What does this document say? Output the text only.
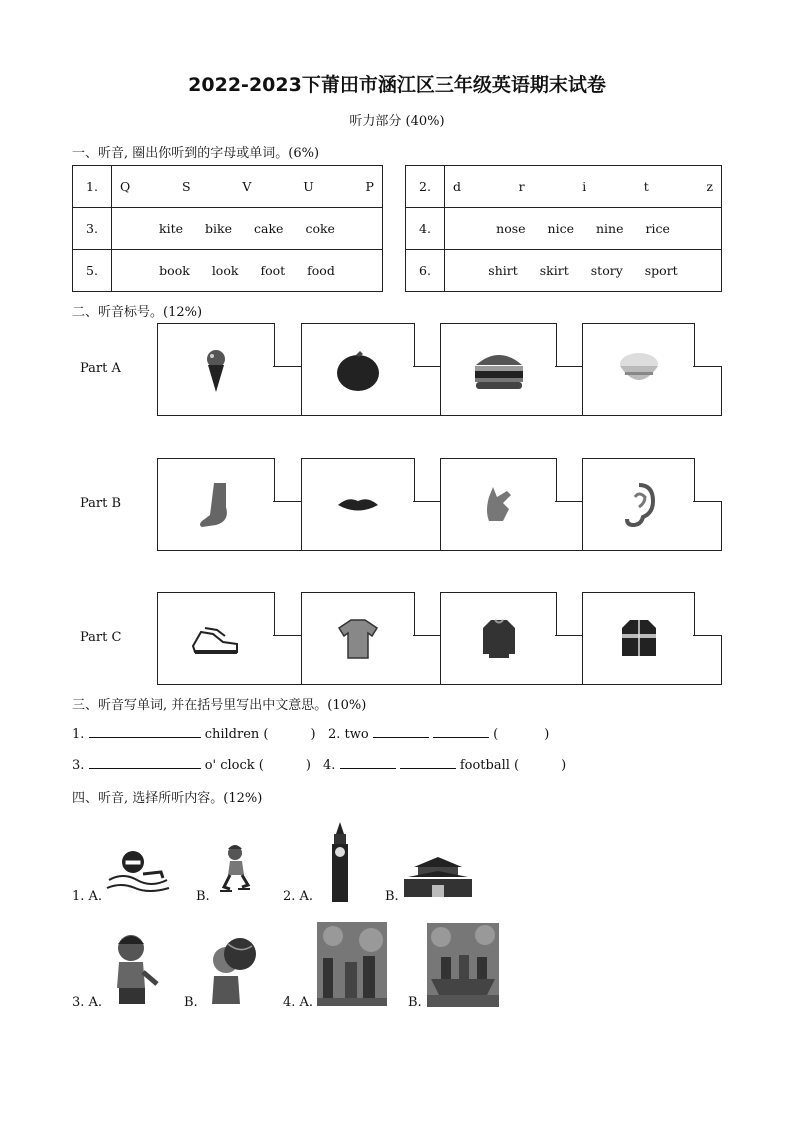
2022-2023下莆田市涵江区三年级英语期末试卷
听力部分 (40%)
一、听音, 圈出你听到的字母或单词。(6%)
1.	Q S V U P

3.	kite bike cake coke

5.	book look foot food
2.	d r i t z

4.	nose nice nine rice

6.	shirt skirt story sport
二、听音标号。(12%)
Part A
Part B
Part C
三、听音写单词, 并在括号里写出中文意思。(10%)
1.	children (	) 2. two	(	)
3.	o' clock (	) 4.	football (	)
四、听音, 选择所听内容。(12%)
1. A.	B.	2. A.	B.
3. A.	B.	4. A.	B.
